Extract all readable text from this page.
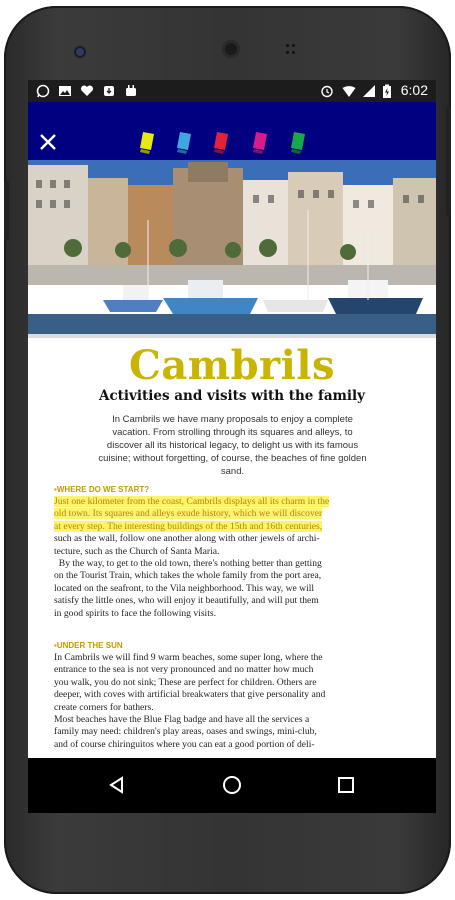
6:02
Cambrils
Activities and visits with the family
In Cambrils we have many proposals to enjoy a complete
vacation. From strolling through its squares and alleys, to
discover all its historical legacy, to delight us with its famous
cuisine; without forgetting, of course, the beaches of fine golden
sand.
▪WHERE DO WE START?
Just one kilometer from the coast, Cambrils displays all its charm in the
old town. Its squares and alleys exude history, which we will discover
at every step. The interesting buildings of the 15th and 16th centuries,
such as the wall, follow one another along with other jewels of archi-
tecture, such as the Church of Santa Maria.
By the way, to get to the old town, there's nothing better than getting
on the Tourist Train, which takes the whole family from the port area,
located on the seafront, to the Vila neighborhood. This way, we will
satisfy the little ones, who will enjoy it beautifully, and will put them
in good spirits to face the following visits.
▪UNDER THE SUN
In Cambrils we will find 9 warm beaches, some super long, where the
entrance to the sea is not very pronounced and no matter how much
you walk, you do not sink; These are perfect for children. Others are
deeper, with coves with artificial breakwaters that give personality and
create corners for bathers.
Most beaches have the Blue Flag badge and have all the services a
family may need: children's play areas, oases and swings, mini-club,
and of course chiringuitos where you can eat a good portion of deli-
